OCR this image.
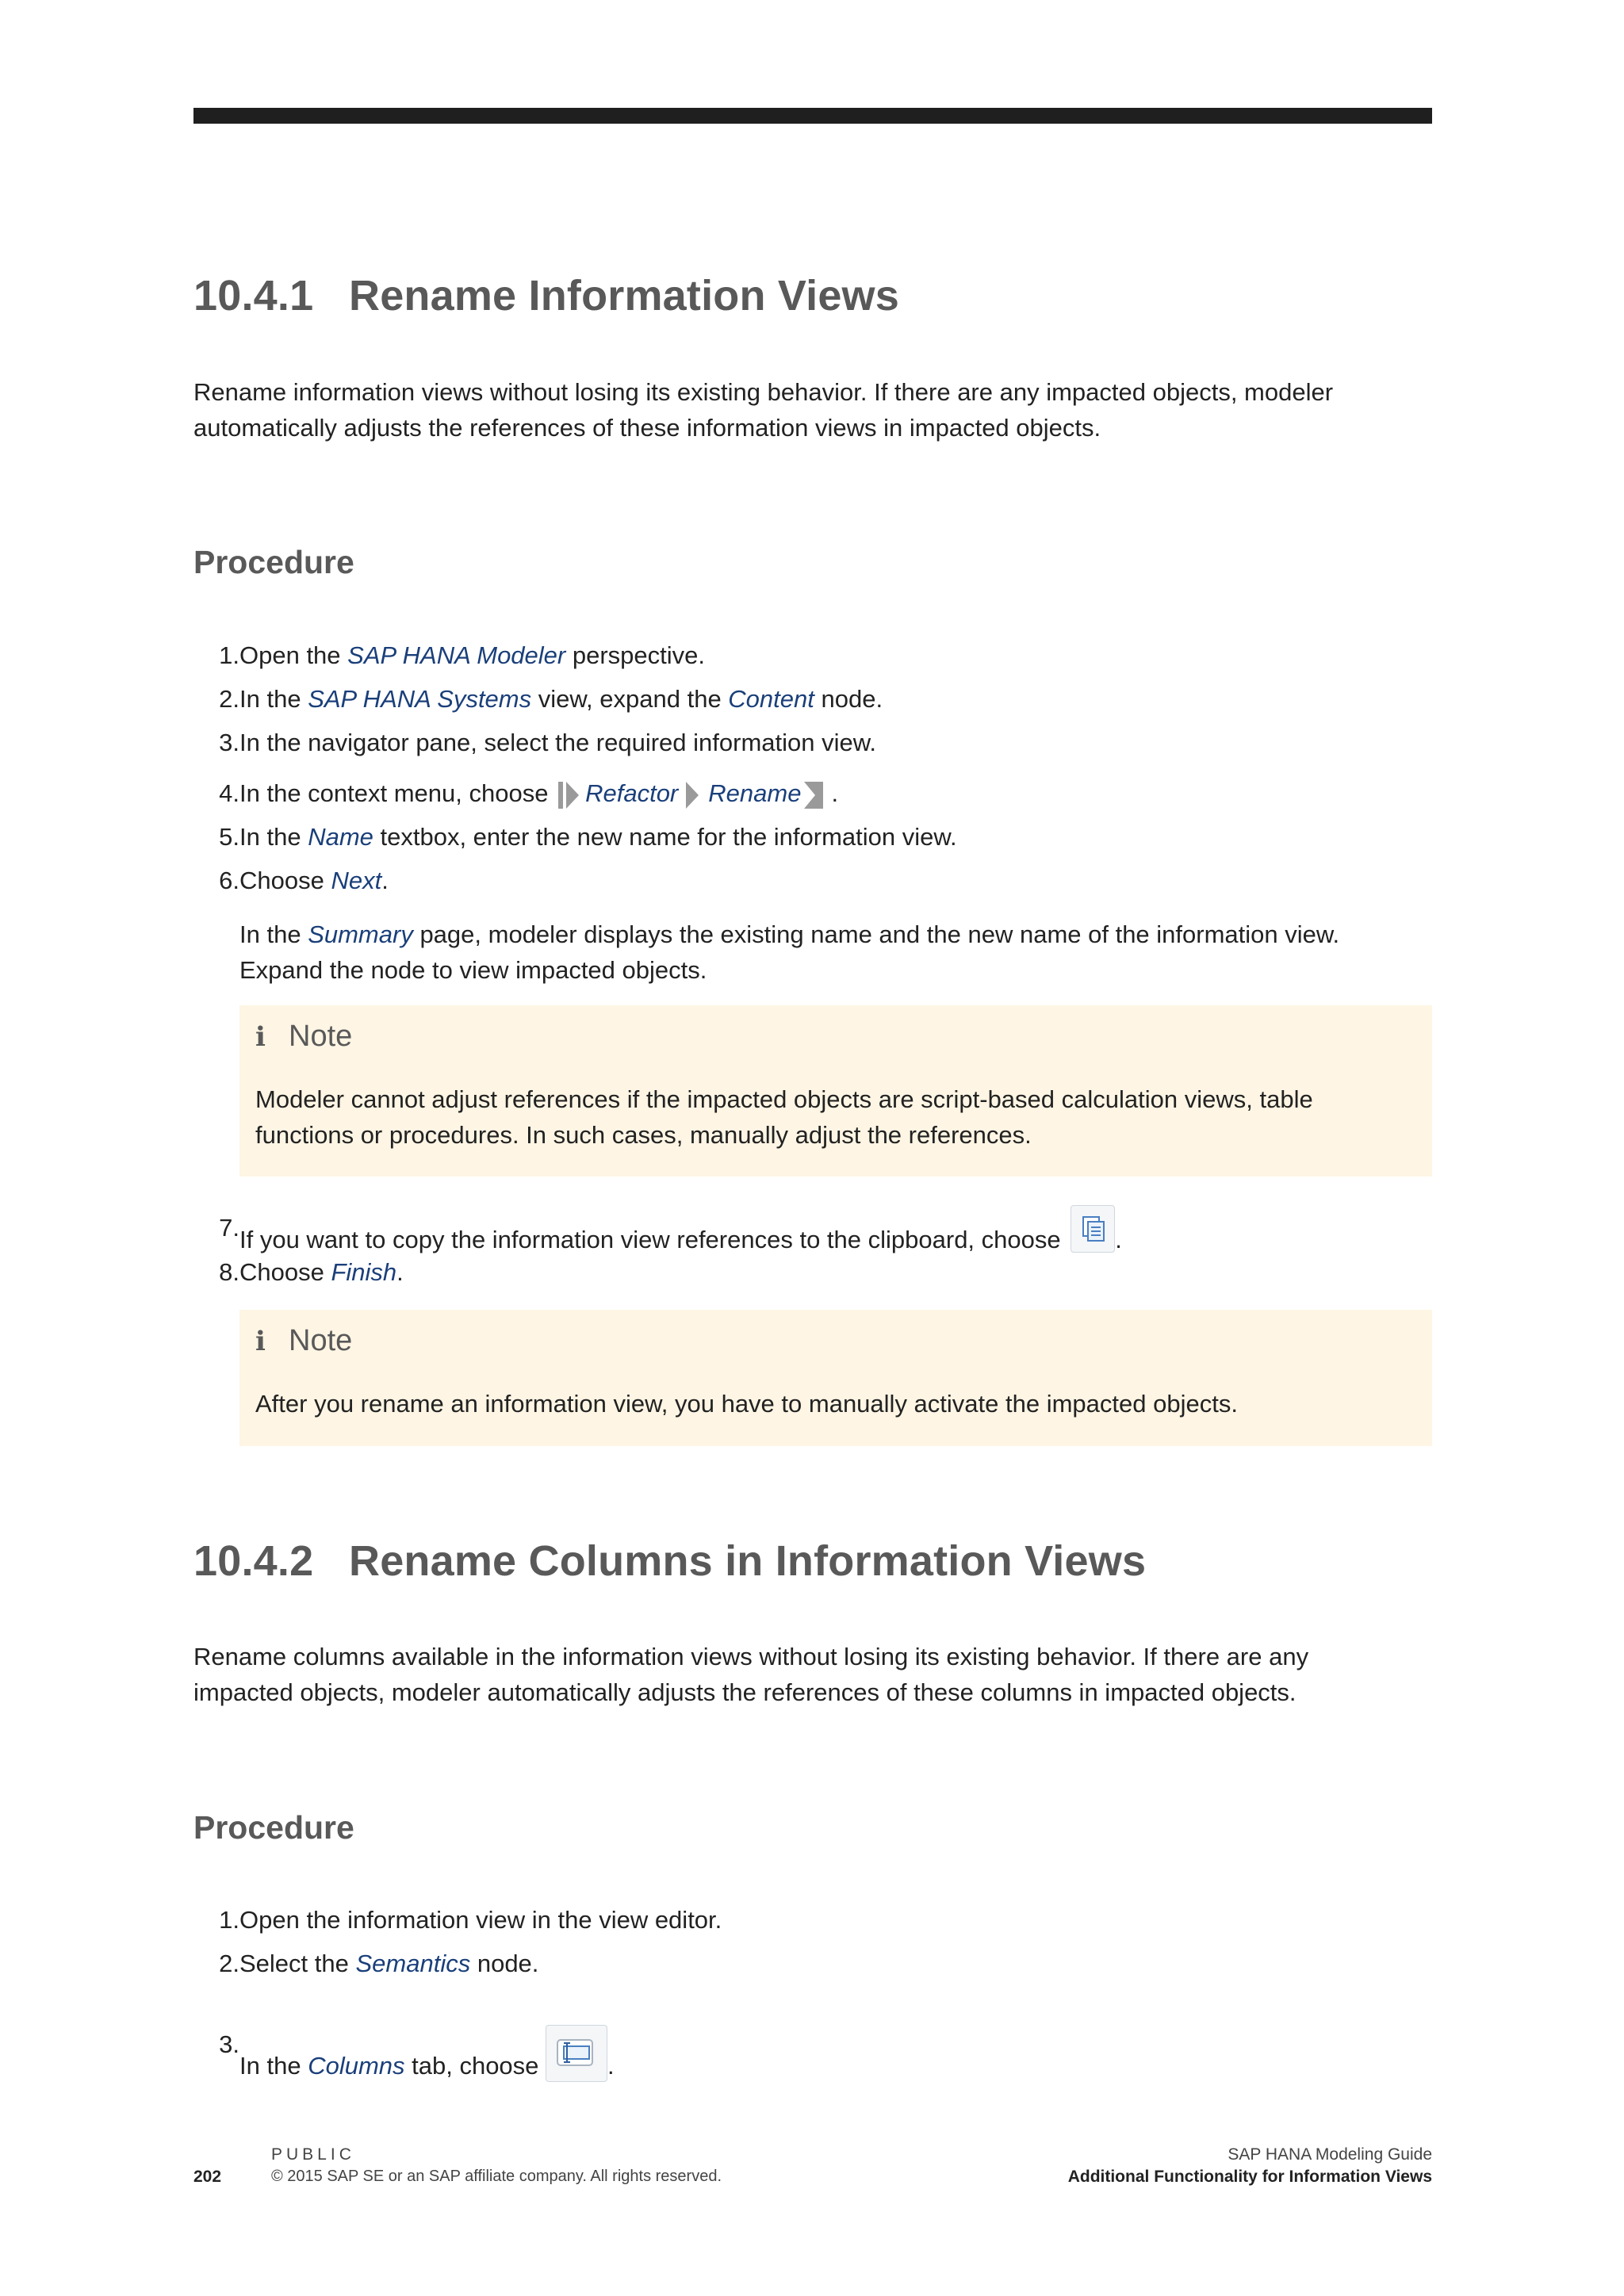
10.4.1 Rename Information Views

Rename information views without losing its existing behavior. If there are any impacted objects, modeler automatically adjusts the references of these information views in impacted objects.

Procedure
1. Open the SAP HANA Modeler perspective.
2. In the SAP HANA Systems view, expand the Content node.
3. In the navigator pane, select the required information view.
4. In the context menu, choose
Refactor Rename .
5. In the Name textbox, enter the new name for the information view.
6. Choose Next.
In the Summary page, modeler displays the existing name and the new name of the information view. Expand the node to view impacted objects.
i Note
Modeler cannot adjust references if the impacted objects are script-based calculation views, table functions or procedures. In such cases, manually adjust the references.
7. If you want to copy the information view references to the clipboard, choose .
8. Choose Finish.
i Note
After you rename an information view, you have to manually activate the impacted objects.
10.4.2 Rename Columns in Information Views

Rename columns available in the information views without losing its existing behavior. If there are any impacted objects, modeler automatically adjusts the references of these columns in impacted objects.

Procedure
1. Open the information view in the view editor.
2. Select the Semantics node.
3.
In the Columns tab, choose	.
PUBLIC
202	© 2015 SAP SE or an SAP affiliate company. All rights reserved.
SAP HANA Modeling Guide
Additional Functionality for Information Views
